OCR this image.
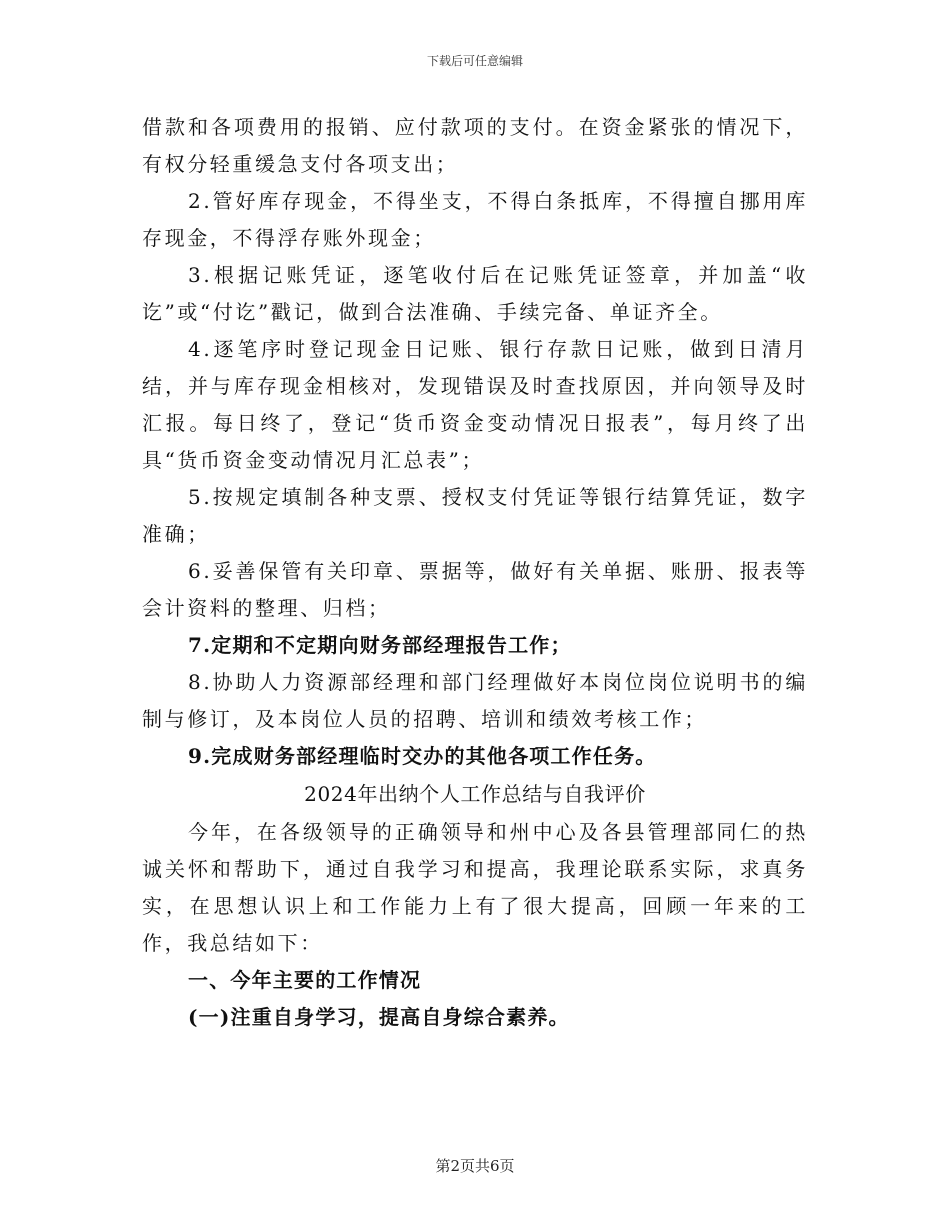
下载后可任意编辑

借款和各项费用的报销、应付款项的支付。在资金紧张的情况下，有权分轻重缓急支付各项支出；

2.管好库存现金，不得坐支，不得白条抵库，不得擅自挪用库存现金，不得浮存账外现金；

3.根据记账凭证，逐笔收付后在记账凭证签章，并加盖“收讫”或“付讫”戳记，做到合法准确、手续完备、单证齐全。

4.逐笔序时登记现金日记账、银行存款日记账，做到日清月结，并与库存现金相核对，发现错误及时查找原因，并向领导及时汇报。每日终了，登记“货币资金变动情况日报表”，每月终了出具“货币资金变动情况月汇总表”；

5.按规定填制各种支票、授权支付凭证等银行结算凭证，数字准确；

6.妥善保管有关印章、票据等，做好有关单据、账册、报表等会计资料的整理、归档；

7.定期和不定期向财务部经理报告工作；

8.协助人力资源部经理和部门经理做好本岗位岗位说明书的编制与修订，及本岗位人员的招聘、培训和绩效考核工作；

9.完成财务部经理临时交办的其他各项工作任务。

2024年出纳个人工作总结与自我评价

今年，在各级领导的正确领导和州中心及各县管理部同仁的热诚关怀和帮助下，通过自我学习和提高，我理论联系实际，求真务实，在思想认识上和工作能力上有了很大提高，回顾一年来的工作，我总结如下：

一、今年主要的工作情况

(一)注重自身学习，提高自身综合素养。

第2页共6页
